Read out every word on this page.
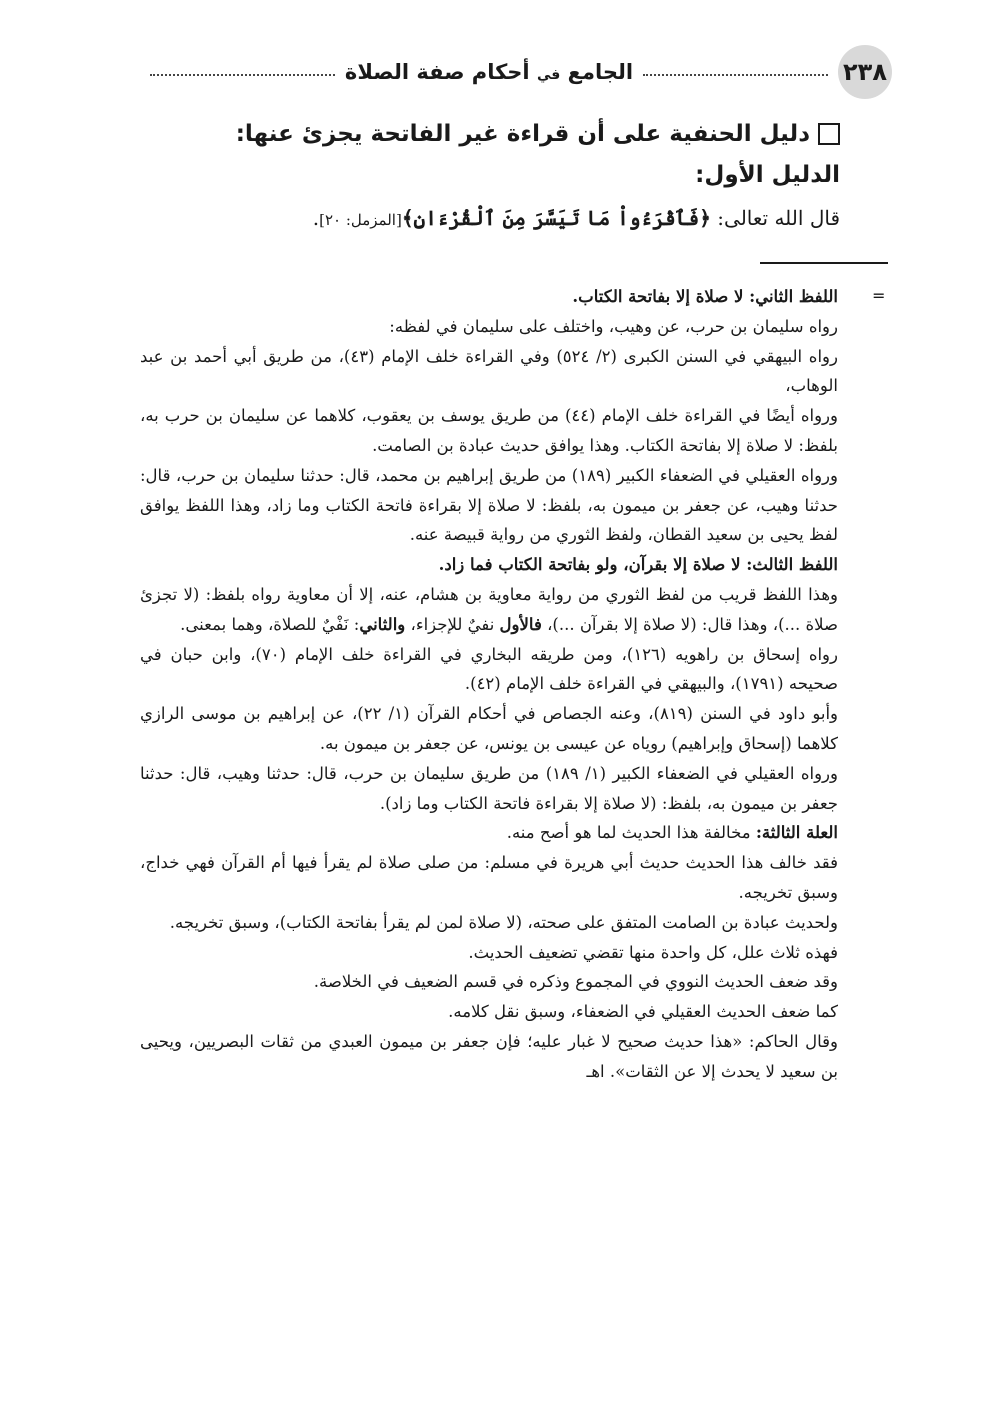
٢٣٨
الجامع في أحكام صفة الصلاة

دليل الحنفية على أن قراءة غير الفاتحة يجزئ عنها:

الدليل الأول:

قال الله تعالى: ﴿فَٱقْرَءُواْ مَا تَيَسَّرَ مِنَ ٱلْقُرْءَانِ﴾[المزمل: ٢٠].

=

اللفظ الثاني: لا صلاة إلا بفاتحة الكتاب.

رواه سليمان بن حرب، عن وهيب، واختلف على سليمان في لفظه:

رواه البيهقي في السنن الكبرى (٢/ ٥٢٤) وفي القراءة خلف الإمام (٤٣)، من طريق أبي أحمد بن عبد الوهاب،

ورواه أيضًا في القراءة خلف الإمام (٤٤) من طريق يوسف بن يعقوب، كلاهما عن سليمان بن حرب به، بلفظ: لا صلاة إلا بفاتحة الكتاب. وهذا يوافق حديث عبادة بن الصامت.

ورواه العقيلي في الضعفاء الكبير (١٨٩) من طريق إبراهيم بن محمد، قال: حدثنا سليمان بن حرب، قال: حدثنا وهيب، عن جعفر بن ميمون به، بلفظ: لا صلاة إلا بقراءة فاتحة الكتاب وما زاد، وهذا اللفظ يوافق لفظ يحيى بن سعيد القطان، ولفظ الثوري من رواية قبيصة عنه.

اللفظ الثالث: لا صلاة إلا بقرآن، ولو بفاتحة الكتاب فما زاد.

وهذا اللفظ قريب من لفظ الثوري من رواية معاوية بن هشام، عنه، إلا أن معاوية رواه بلفظ: (لا تجزئ صلاة ...)، وهذا قال: (لا صلاة إلا بقرآن ...)، فالأول نفيٌ للإجزاء، والثاني: نَفْيٌ للصلاة، وهما بمعنى.

رواه إسحاق بن راهويه (١٢٦)، ومن طريقه البخاري في القراءة خلف الإمام (٧٠)، وابن حبان في صحيحه (١٧٩١)، والبيهقي في القراءة خلف الإمام (٤٢).

وأبو داود في السنن (٨١٩)، وعنه الجصاص في أحكام القرآن (١/ ٢٢)، عن إبراهيم بن موسى الرازي كلاهما (إسحاق وإبراهيم) روياه عن عيسى بن يونس، عن جعفر بن ميمون به.

ورواه العقيلي في الضعفاء الكبير (١/ ١٨٩) من طريق سليمان بن حرب، قال: حدثنا وهيب، قال: حدثنا جعفر بن ميمون به، بلفظ: (لا صلاة إلا بقراءة فاتحة الكتاب وما زاد).

العلة الثالثة: مخالفة هذا الحديث لما هو أصح منه.

فقد خالف هذا الحديث حديث أبي هريرة في مسلم: من صلى صلاة لم يقرأ فيها أم القرآن فهي خداج، وسبق تخريجه.

ولحديث عبادة بن الصامت المتفق على صحته، (لا صلاة لمن لم يقرأ بفاتحة الكتاب)، وسبق تخريجه.

فهذه ثلاث علل، كل واحدة منها تقضي تضعيف الحديث.

وقد ضعف الحديث النووي في المجموع وذكره في قسم الضعيف في الخلاصة.

كما ضعف الحديث العقيلي في الضعفاء، وسبق نقل كلامه.

وقال الحاكم: «هذا حديث صحيح لا غبار عليه؛ فإن جعفر بن ميمون العبدي من ثقات البصريين، ويحيى بن سعيد لا يحدث إلا عن الثقات». اهـ
